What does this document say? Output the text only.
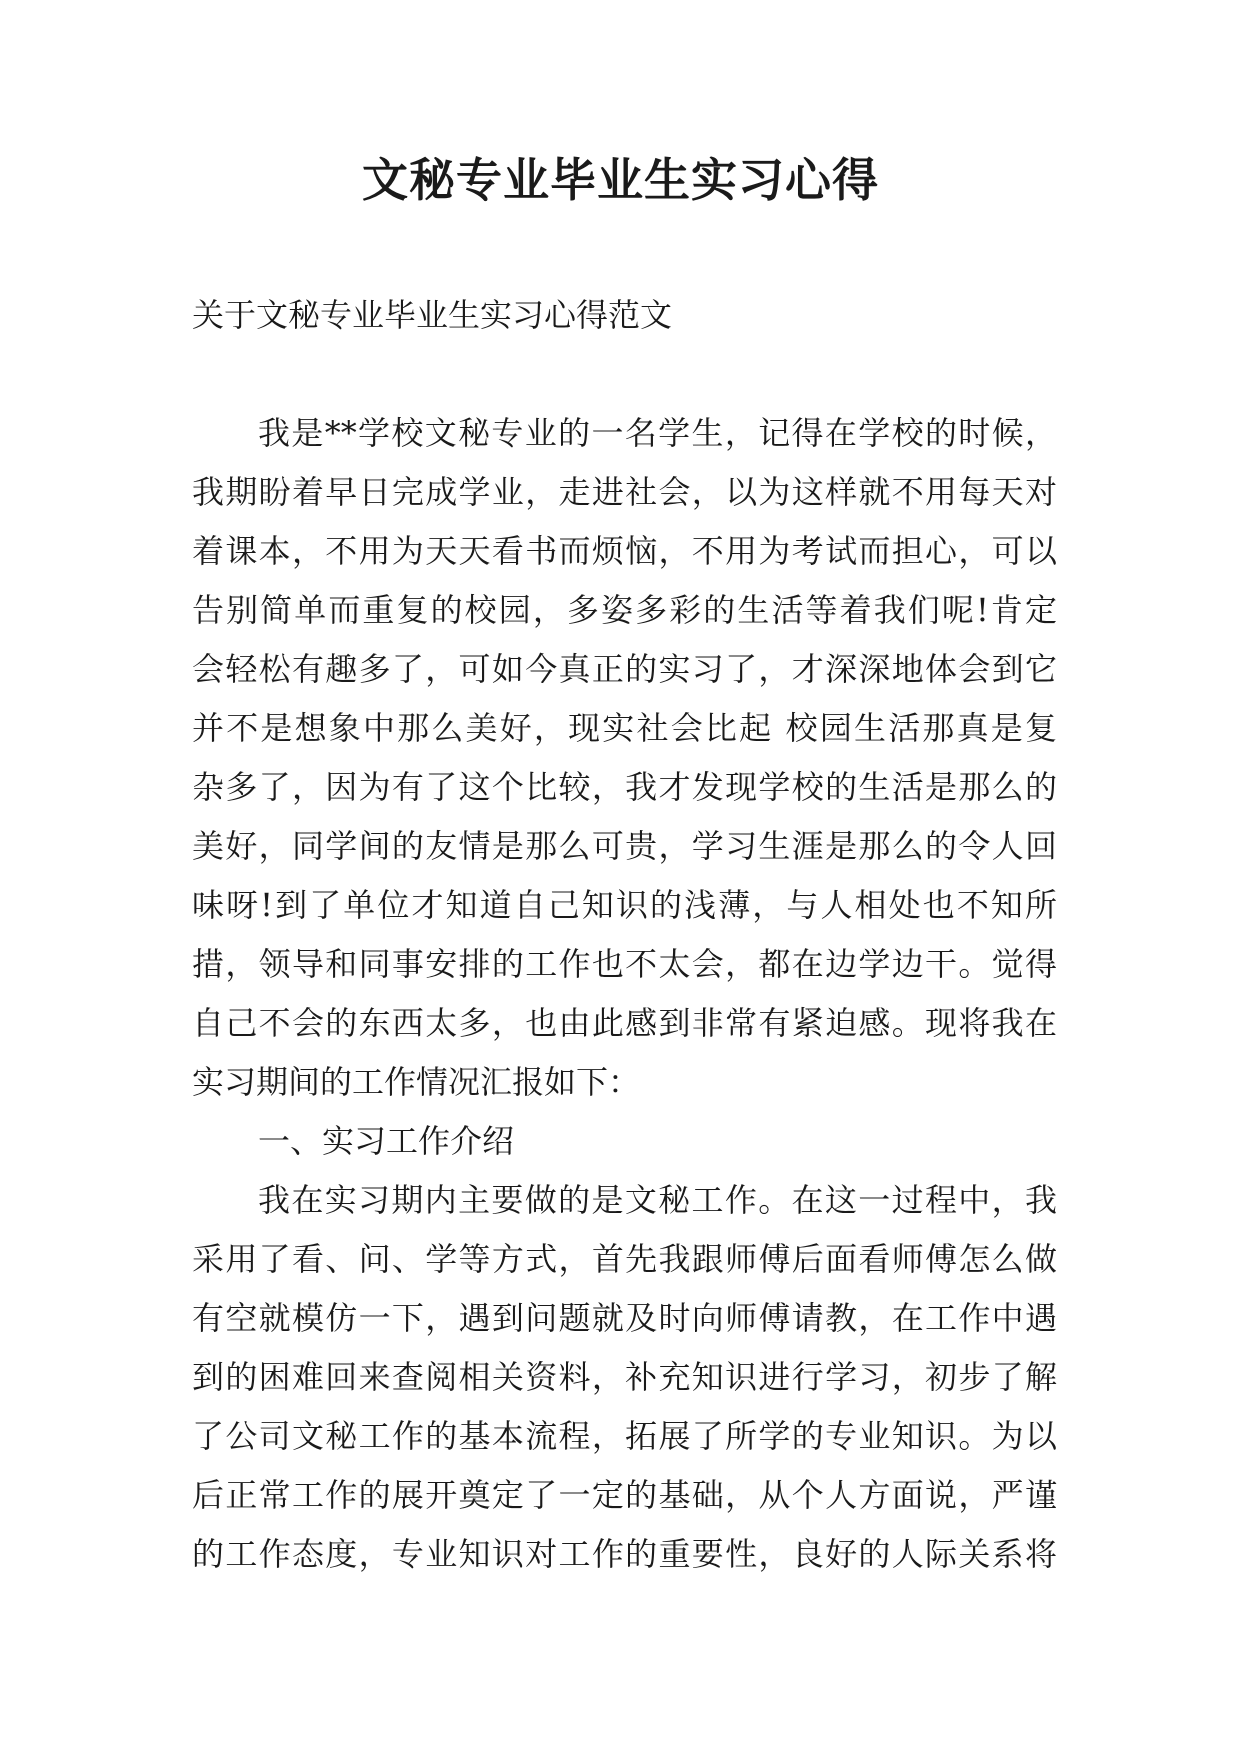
文秘专业毕业生实习心得

关于文秘专业毕业生实习心得范文

我是**学校文秘专业的一名学生，记得在学校的时候，
我期盼着早日完成学业，走进社会，以为这样就不用每天对
着课本，不用为天天看书而烦恼，不用为考试而担心，可以
告别简单而重复的校园，多姿多彩的生活等着我们呢!肯定
会轻松有趣多了，可如今真正的实习了，才深深地体会到它
并不是想象中那么美好，现实社会比起 校园生活那真是复
杂多了，因为有了这个比较，我才发现学校的生活是那么的
美好，同学间的友情是那么可贵，学习生涯是那么的令人回
味呀!到了单位才知道自己知识的浅薄，与人相处也不知所
措，领导和同事安排的工作也不太会，都在边学边干。觉得
自己不会的东西太多，也由此感到非常有紧迫感。现将我在
实习期间的工作情况汇报如下：
一、实习工作介绍
我在实习期内主要做的是文秘工作。在这一过程中，我
采用了看、问、学等方式，首先我跟师傅后面看师傅怎么做
有空就模仿一下，遇到问题就及时向师傅请教，在工作中遇
到的困难回来查阅相关资料，补充知识进行学习，初步了解
了公司文秘工作的基本流程，拓展了所学的专业知识。为以
后正常工作的展开奠定了一定的基础，从个人方面说，严谨
的工作态度，专业知识对工作的重要性，良好的人际关系将
